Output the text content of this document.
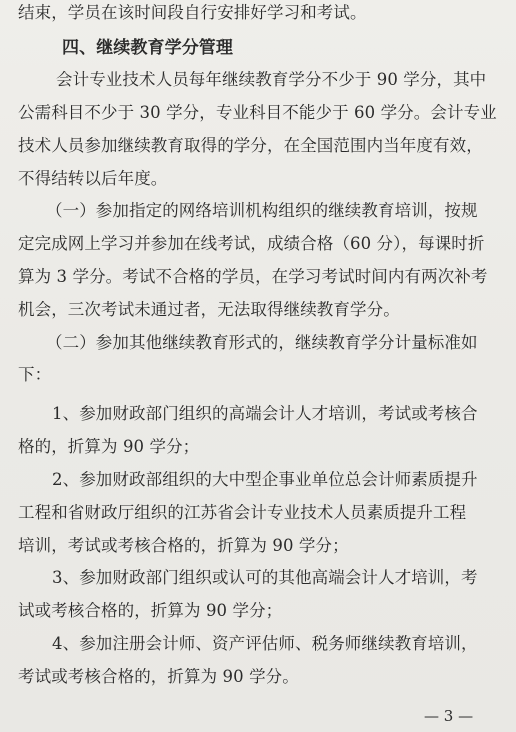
结束，学员在该时间段自行安排好学习和考试。
四、继续教育学分管理
会计专业技术人员每年继续教育学分不少于 90 学分，其中
公需科目不少于 30 学分，专业科目不能少于 60 学分。会计专业
技术人员参加继续教育取得的学分，在全国范围内当年度有效，
不得结转以后年度。
（一）参加指定的网络培训机构组织的继续教育培训，按规
定完成网上学习并参加在线考试，成绩合格（60 分），每课时折
算为 3 学分。考试不合格的学员，在学习考试时间内有两次补考
机会，三次考试未通过者，无法取得继续教育学分。
（二）参加其他继续教育形式的，继续教育学分计量标准如
下：
1、参加财政部门组织的高端会计人才培训，考试或考核合
格的，折算为 90 学分；
2、参加财政部组织的大中型企事业单位总会计师素质提升
工程和省财政厅组织的江苏省会计专业技术人员素质提升工程
培训，考试或考核合格的，折算为 90 学分；
3、参加财政部门组织或认可的其他高端会计人才培训，考
试或考核合格的，折算为 90 学分；
4、参加注册会计师、资产评估师、税务师继续教育培训，
考试或考核合格的，折算为 90 学分。
— 3 —
